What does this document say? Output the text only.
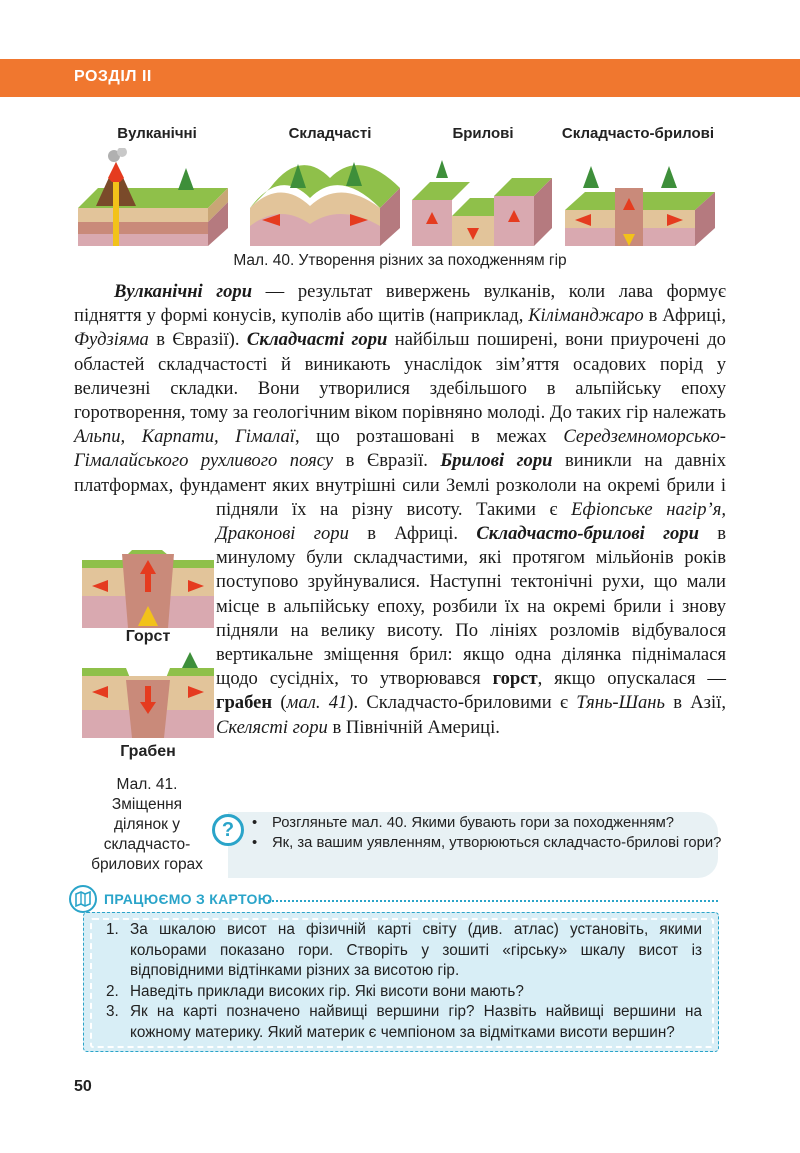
РОЗДІЛ II
Вулканічні	Складчасті	Брилові	Складчасто-брилові
Мал. 40. Утворення різних за походженням гір

Вулканічні гори — результат вивержень вулканів, коли лава формує підняття у формі конусів, куполів або щитів (наприклад, Кіліманджаро в Африці, Фудзіяма в Євразії). Складчасті гори найбільш поширені, вони приурочені до областей складчастості й виникають унаслідок зім’яття осадових порід у величезні складки. Вони утворилися здебільшого в альпійську епоху горотворення, тому за геологічним віком порівняно молоді. До таких гір належать Альпи, Карпати, Гімалаї, що розташовані в межах Середземноморсько-Гімалайського рухливого поясу в Євразії. Брилові гори виникли на давніх платформах, фундамент яких внутрішні сили Землі розкололи на окремі брили і підняли їх на різну висоту. Такими є Ефіопське нагір’я, Драконові гори в Африці. Складчасто-брилові гори в минулому були складчастими, які протягом мільйонів років поступово зруйнувалися. Наступні тектонічні рухи, що мали місце в альпійську епоху, розбили їх на окремі брили і знову підняли на велику висоту. По лініях розломів відбувалося вертикальне зміщення брил: якщо одна ділянка піднімалася щодо сусідніх, то утворювався горст, якщо опускалася — грабен (мал. 41). Складчасто-бриловими є Тянь-Шань в Азії, Скелясті гори в Північній Америці.

Горст
Грабен
Мал. 41. Зміщення ділянок у складчасто-брилових горах
?
•	Розгляньте мал. 40. Якими бувають гори за походженням?
• Як, за вашим уявленням, утворюються складчасто-брилові гори?
ПРАЦЮЄМО З КАРТОЮ
1. За шкалою висот на фізичній карті світу (див. атлас) установіть, якими кольорами показано гори. Створіть у зошиті «гірську» шкалу висот із відповідними відтінками різних за висотою гір.
2. Наведіть приклади високих гір. Які висоти вони мають?
3. Як на карті позначено найвищі вершини гір? Назвіть найвищі вершини на кожному материку. Який материк є чемпіоном за відмітками висоти вершин?
50
